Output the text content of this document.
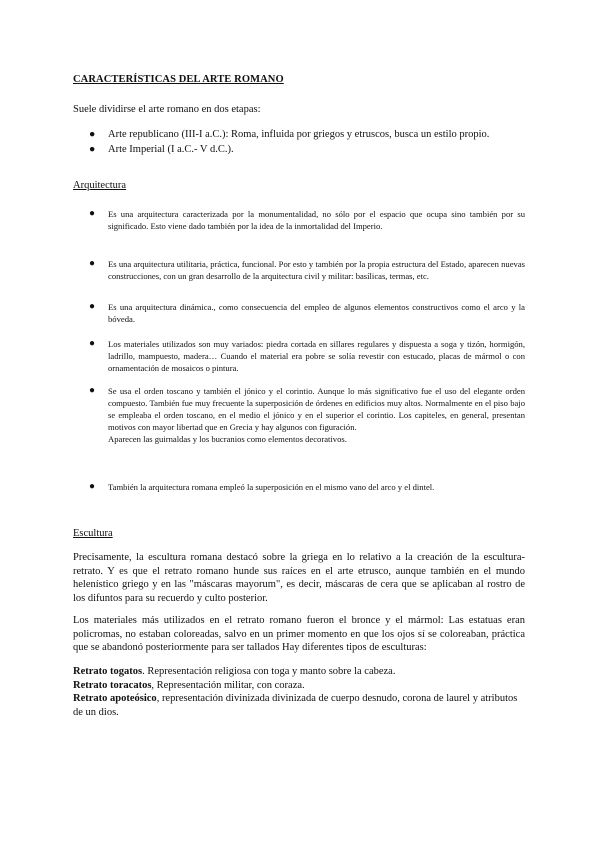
CARACTERÍSTICAS DEL ARTE ROMANO
Suele dividirse el arte romano en dos etapas:
● Arte republicano (III-I a.C.): Roma, influida por griegos y etruscos, busca un estilo propio.
● Arte Imperial (I a.C.- V d.C.).
Arquitectura
● Es una arquitectura caracterizada por la monumentalidad, no sólo por el espacio que ocupa sino también por su significado. Esto viene dado también por la idea de la inmortalidad del Imperio.
● Es una arquitectura utilitaria, práctica, funcional. Por esto y también por la propia estructura del Estado, aparecen nuevas construcciones, con un gran desarrollo de la arquitectura civil y militar: basílicas, termas, etc.
● Es una arquitectura dinámica., como consecuencia del empleo de algunos elementos constructivos como el arco y la bóveda.
● Los materiales utilizados son muy variados: piedra cortada en sillares regulares y dispuesta a soga y tizón, hormigón, ladrillo, mampuesto, madera… Cuando el material era pobre se solía revestir con estucado, placas de mármol o con ornamentación de mosaicos o pintura.
● Se usa el orden toscano y también el jónico y el corintio. Aunque lo más significativo fue el uso del elegante orden compuesto. También fue muy frecuente la superposición de órdenes en edificios muy altos. Normalmente en el piso bajo se empleaba el orden toscano, en el medio el jónico y en el superior el corintio. Los capiteles, en general, presentan motivos con mayor libertad que en Grecia y hay algunos con figuración.
Aparecen las guirnaldas y los bucranios como elementos decorativos.
● También la arquitectura romana empleó la superposición en el mismo vano del arco y el dintel.
Escultura

Precisamente, la escultura romana destacó sobre la griega en lo relativo a la creación de la escultura-retrato. Y es que el retrato romano hunde sus raíces en el arte etrusco, aunque también en el mundo helenístico griego y en las "máscaras mayorum", es decir, máscaras de cera que se aplicaban al rostro de los difuntos para su recuerdo y culto posterior.

Los materiales más utilizados en el retrato romano fueron el bronce y el mármol: Las estatuas eran policromas, no estaban coloreadas, salvo en un primer momento en que los ojos sí se coloreaban, práctica que se abandonó posteriormente para ser tallados Hay diferentes tipos de esculturas:

Retrato togatos. Representación religiosa con toga y manto sobre la cabeza.

Retrato toracatos, Representación militar, con coraza.

Retrato apoteósico, representación divinizada divinizada de cuerpo desnudo, corona de laurel y atributos de un dios.
